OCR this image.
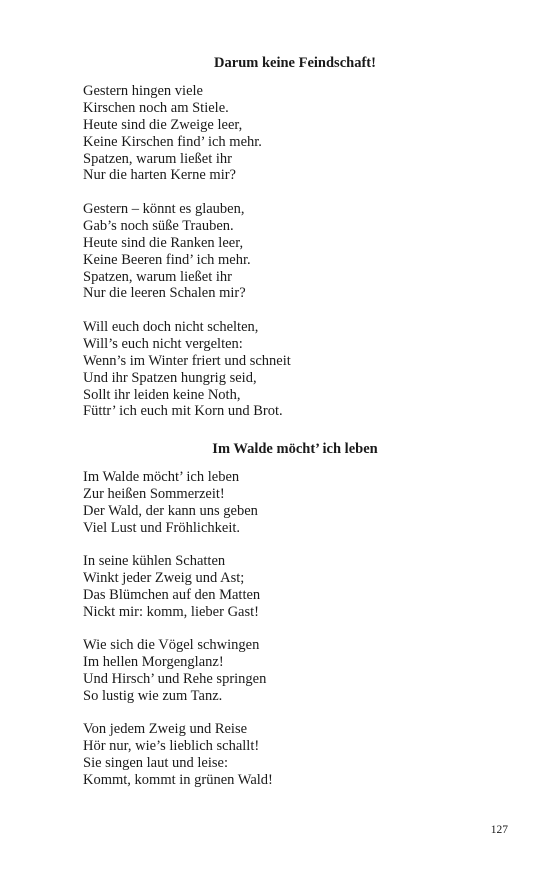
Darum keine Feindschaft!
Gestern hingen viele
Kirschen noch am Stiele.
Heute sind die Zweige leer,
Keine Kirschen find’ ich mehr.
Spatzen, warum ließet ihr
Nur die harten Kerne mir?
Gestern – könnt es glauben,
Gab’s noch süße Trauben.
Heute sind die Ranken leer,
Keine Beeren find’ ich mehr.
Spatzen, warum ließet ihr
Nur die leeren Schalen mir?
Will euch doch nicht schelten,
Will’s euch nicht vergelten:
Wenn’s im Winter friert und schneit
Und ihr Spatzen hungrig seid,
Sollt ihr leiden keine Noth,
Füttr’ ich euch mit Korn und Brot.
Im Walde möcht’ ich leben
Im Walde möcht’ ich leben
Zur heißen Sommerzeit!
Der Wald, der kann uns geben
Viel Lust und Fröhlichkeit.
In seine kühlen Schatten
Winkt jeder Zweig und Ast;
Das Blümchen auf den Matten
Nickt mir: komm, lieber Gast!
Wie sich die Vögel schwingen
Im hellen Morgenglanz!
Und Hirsch’ und Rehe springen
So lustig wie zum Tanz.
Von jedem Zweig und Reise
Hör nur, wie’s lieblich schallt!
Sie singen laut und leise:
Kommt, kommt in grünen Wald!
127
